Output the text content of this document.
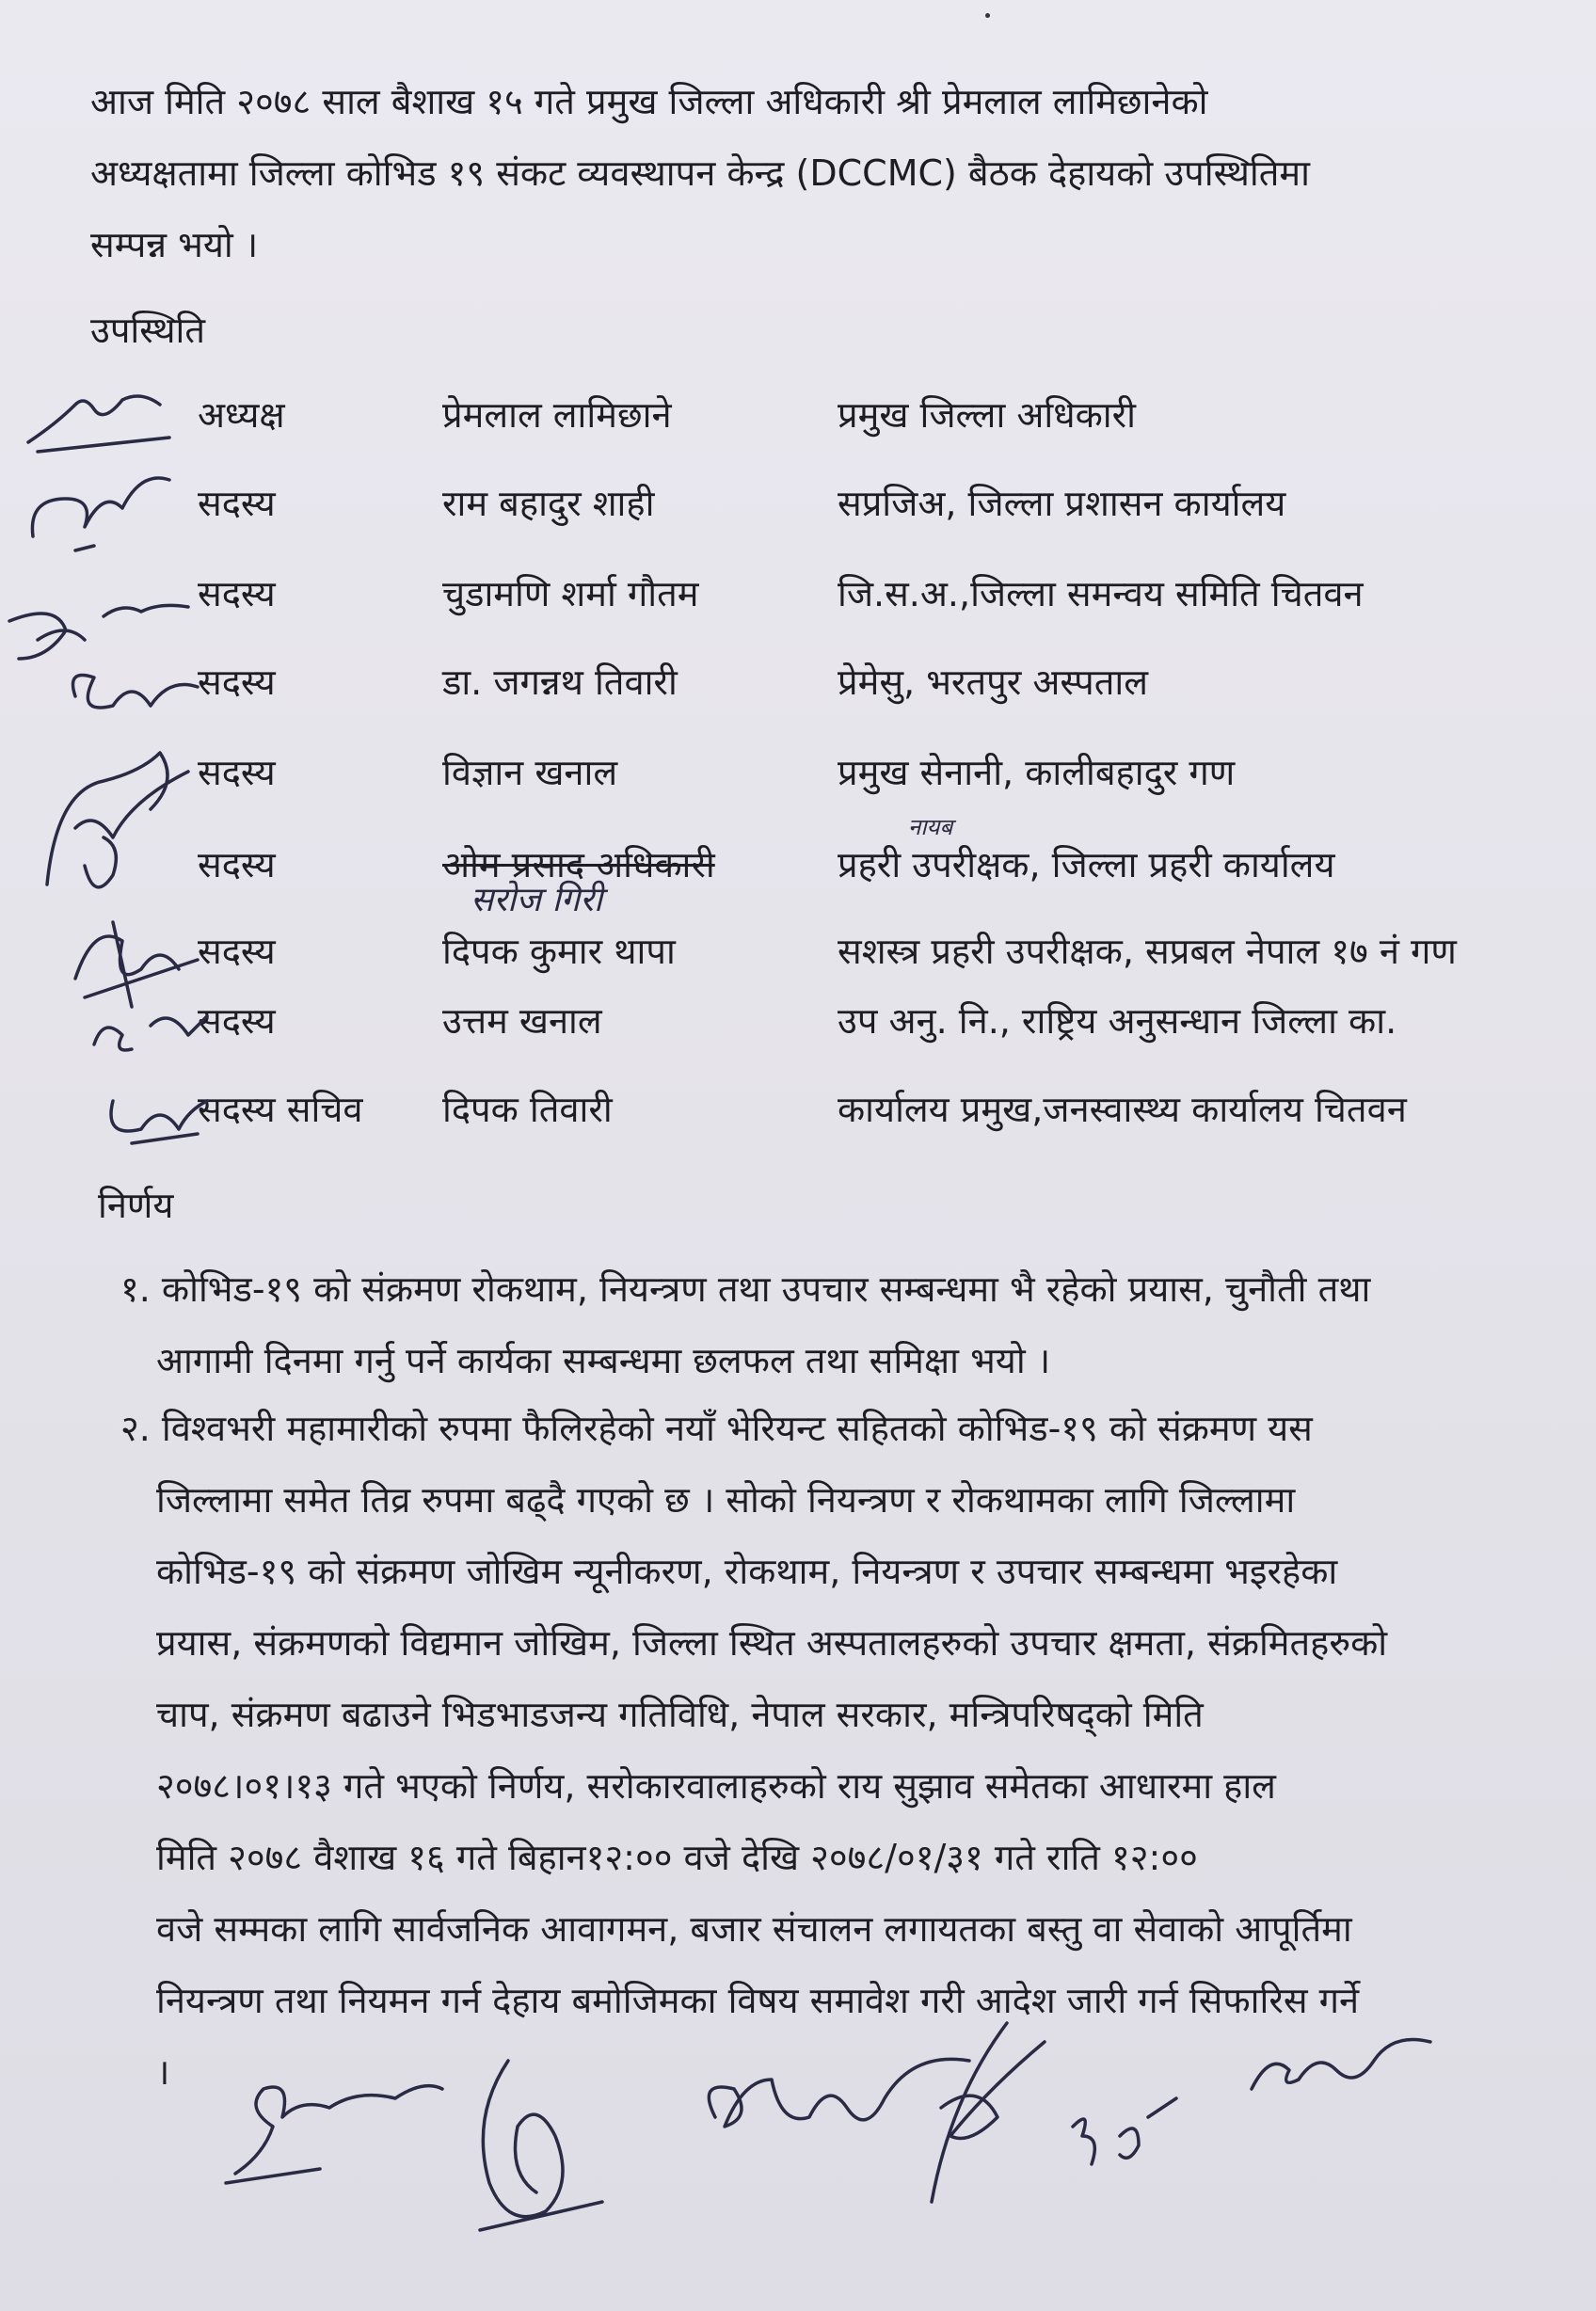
आज मिति २०७८ साल बैशाख १५ गते प्रमुख जिल्ला अधिकारी श्री प्रेमलाल लामिछानेको
अध्यक्षतामा जिल्ला कोभिड १९ संकट व्यवस्थापन केन्द्र (DCCMC) बैठक देहायको उपस्थितिमा
सम्पन्न भयो ।
उपस्थिति
अध्यक्ष	प्रेमलाल लामिछाने	प्रमुख जिल्ला अधिकारी
सदस्य	राम बहादुर शाही	सप्रजिअ, जिल्ला प्रशासन कार्यालय
सदस्य	चुडामणि शर्मा गौतम	जि.स.अ.,जिल्ला समन्वय समिति चितवन
सदस्य	डा. जगन्नथ तिवारी	प्रेमेसु, भरतपुर अस्पताल
सदस्य	विज्ञान खनाल	प्रमुख सेनानी, कालीबहादुर गण
सदस्य	ओम प्रसाद अधिकारी	प्रहरी उपरीक्षक, जिल्ला प्रहरी कार्यालय
सरोज गिरी
नायब
सदस्य	दिपक कुमार थापा	सशस्त्र प्रहरी उपरीक्षक, सप्रबल नेपाल १७ नं गण
सदस्य	उत्तम खनाल	उप अनु. नि., राष्ट्रिय अनुसन्धान जिल्ला का.
सदस्य सचिव दिपक तिवारी	कार्यालय प्रमुख,जनस्वास्थ्य कार्यालय चितवन
निर्णय
१. कोभिड-१९ को संक्रमण रोकथाम, नियन्त्रण तथा उपचार सम्बन्धमा भै रहेको प्रयास, चुनौती तथा
आगामी दिनमा गर्नु पर्ने कार्यका सम्बन्धमा छलफल तथा समिक्षा भयो ।
२. विश्वभरी महामारीको रुपमा फैलिरहेको नयाँ भेरियन्ट सहितको कोभिड-१९ को संक्रमण यस
जिल्लामा समेत तिव्र रुपमा बढ्दै गएको छ । सोको नियन्त्रण र रोकथामका लागि जिल्लामा
कोभिड-१९ को संक्रमण जोखिम न्यूनीकरण, रोकथाम, नियन्त्रण र उपचार सम्बन्धमा भइरहेका
प्रयास, संक्रमणको विद्यमान जोखिम, जिल्ला स्थित अस्पतालहरुको उपचार क्षमता, संक्रमितहरुको
चाप, संक्रमण बढाउने भिडभाडजन्य गतिविधि, नेपाल सरकार, मन्त्रिपरिषद्को मिति
२०७८।०१।१३ गते भएको निर्णय, सरोकारवालाहरुको राय सुझाव समेतका आधारमा हाल
मिति २०७८ वैशाख १६ गते बिहान१२:०० वजे देखि २०७८/०१/३१ गते राति १२:००
वजे सम्मका लागि सार्वजनिक आवागमन, बजार संचालन लगायतका बस्तु वा सेवाको आपूर्तिमा
नियन्त्रण तथा नियमन गर्न देहाय बमोजिमका विषय समावेश गरी आदेश जारी गर्न सिफारिस गर्ने
।
